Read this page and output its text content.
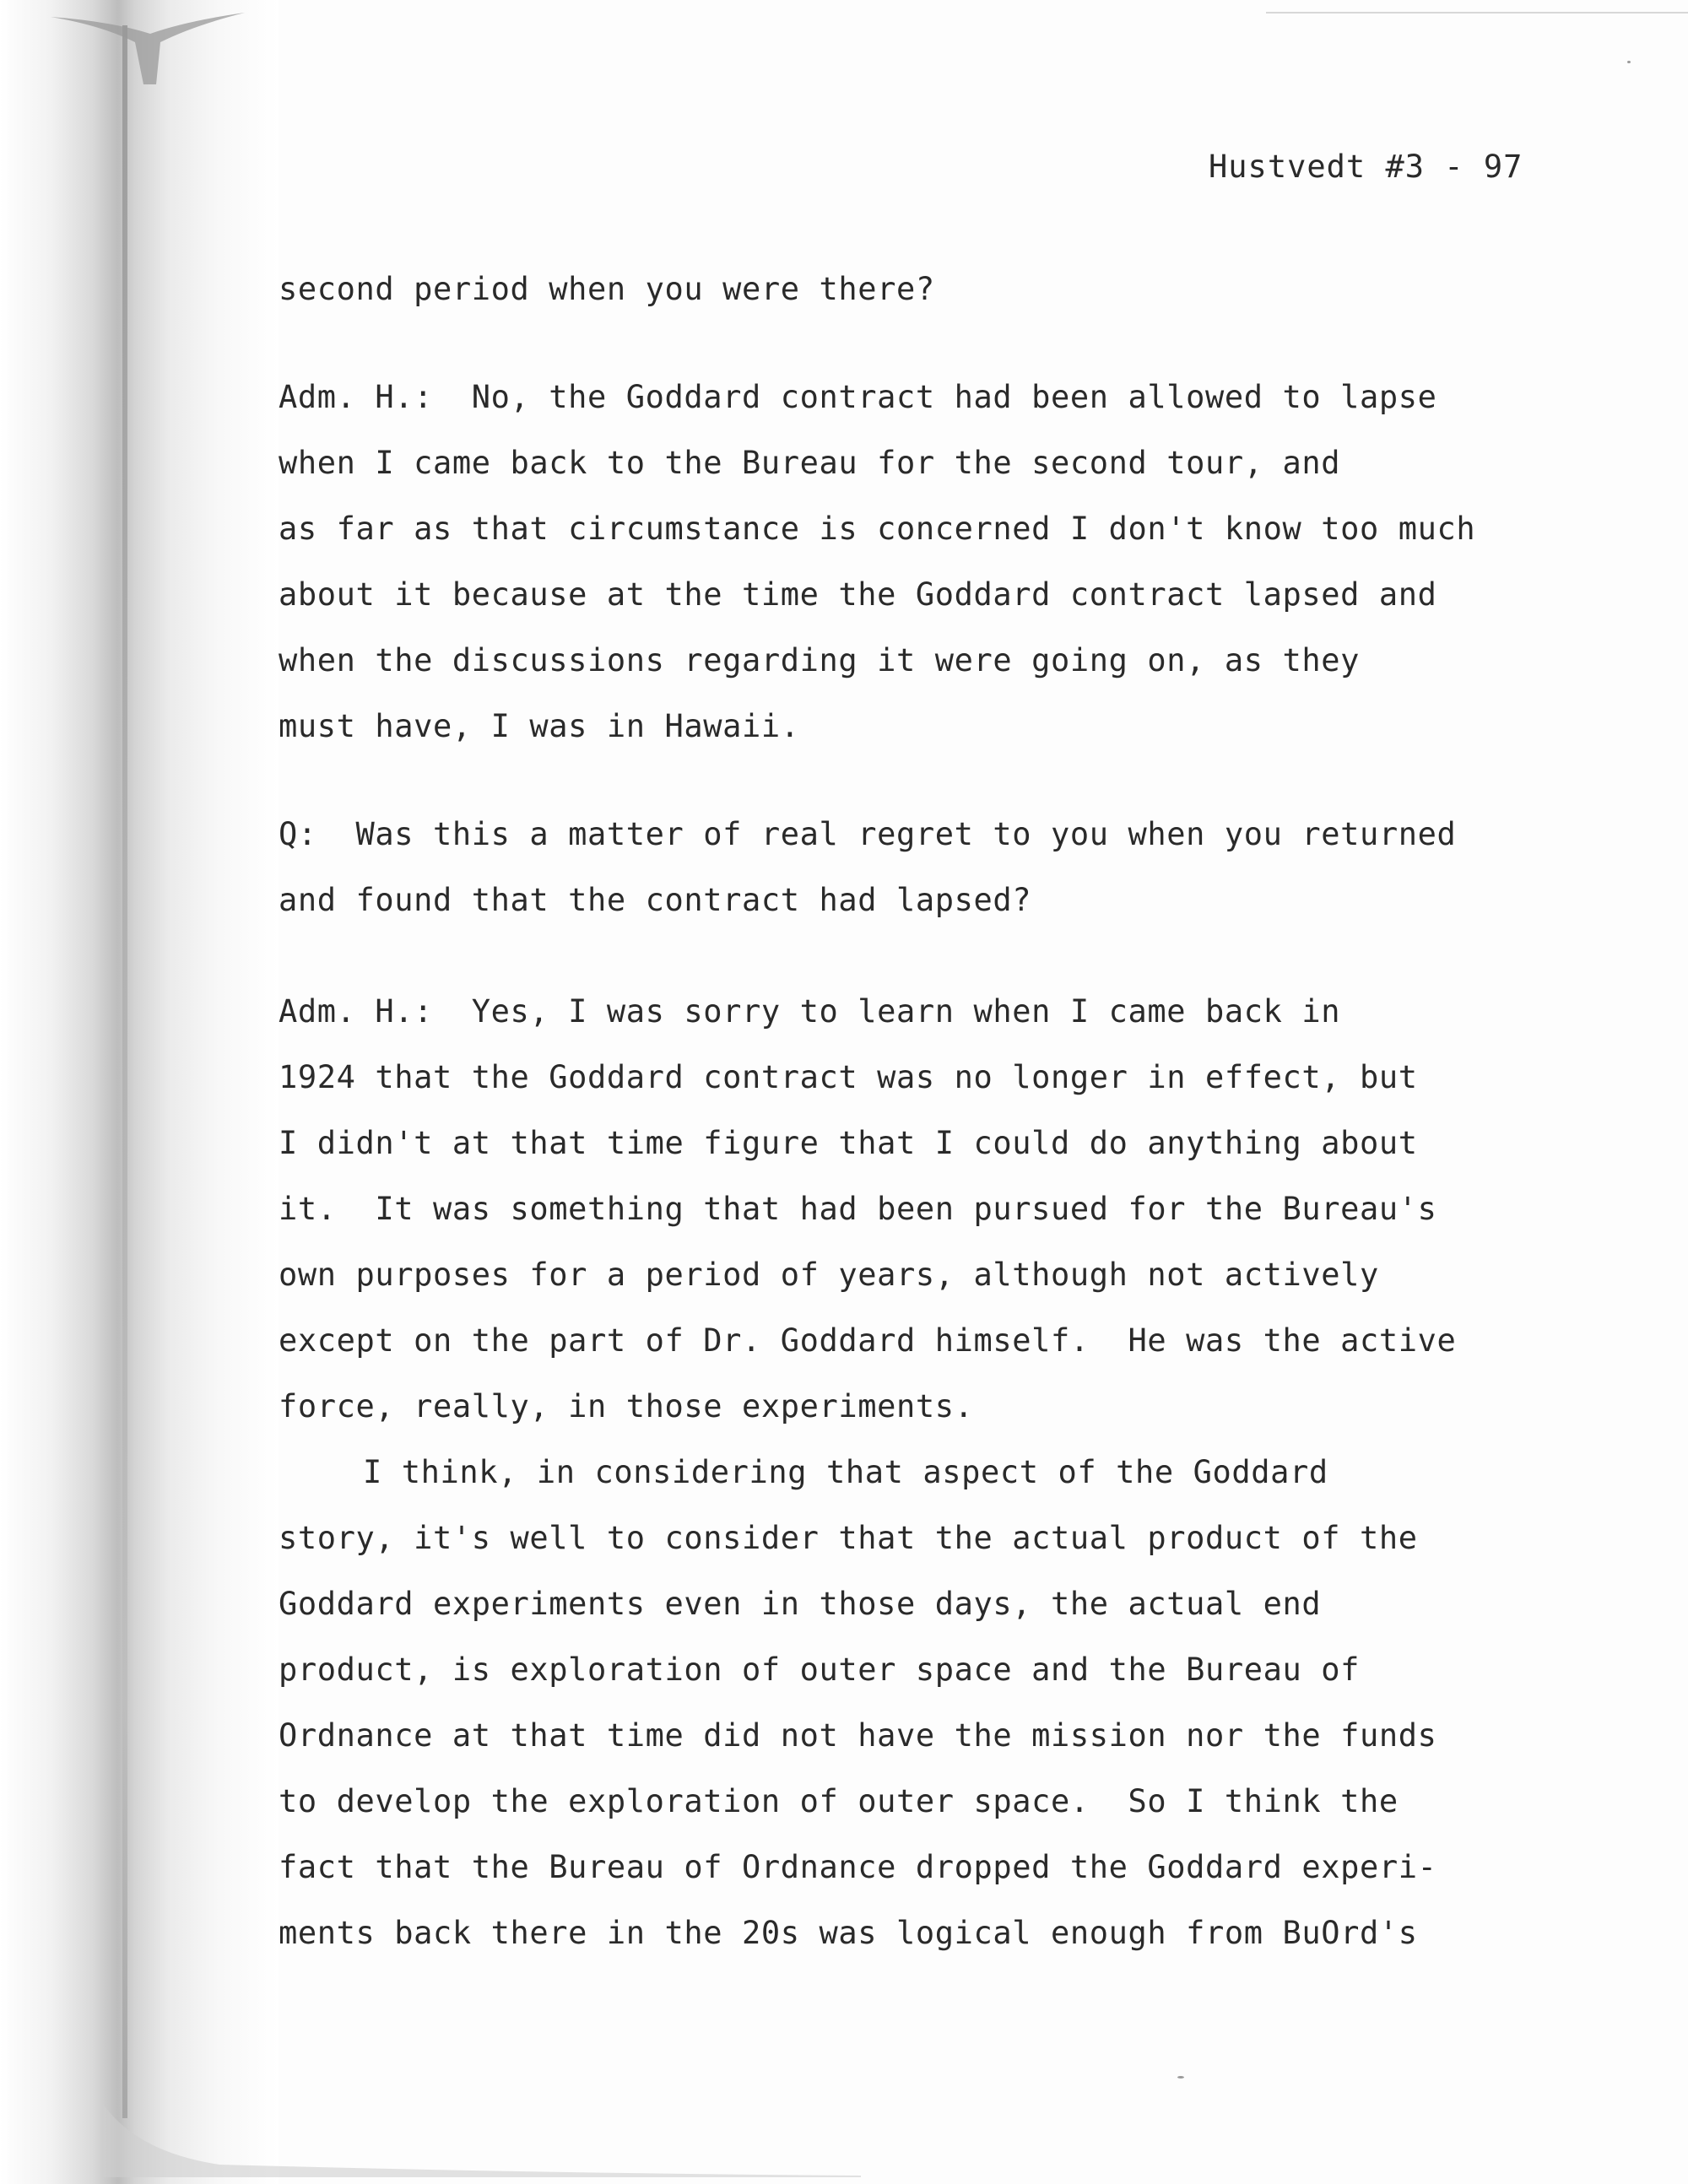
Hustvedt #3 - 97
second period when you were there?
Adm. H.:  No, the Goddard contract had been allowed to lapse
when I came back to the Bureau for the second tour, and
as far as that circumstance is concerned I don't know too much
about it because at the time the Goddard contract lapsed and
when the discussions regarding it were going on, as they
must have, I was in Hawaii.
Q:  Was this a matter of real regret to you when you returned
and found that the contract had lapsed?
Adm. H.:  Yes, I was sorry to learn when I came back in
1924 that the Goddard contract was no longer in effect, but
I didn't at that time figure that I could do anything about
it.  It was something that had been pursued for the Bureau's
own purposes for a period of years, although not actively
except on the part of Dr. Goddard himself.  He was the active
force, really, in those experiments.
I think, in considering that aspect of the Goddard
story, it's well to consider that the actual product of the
Goddard experiments even in those days, the actual end
product, is exploration of outer space and the Bureau of
Ordnance at that time did not have the mission nor the funds
to develop the exploration of outer space.  So I think the
fact that the Bureau of Ordnance dropped the Goddard experi-
ments back there in the 20s was logical enough from BuOrd's
